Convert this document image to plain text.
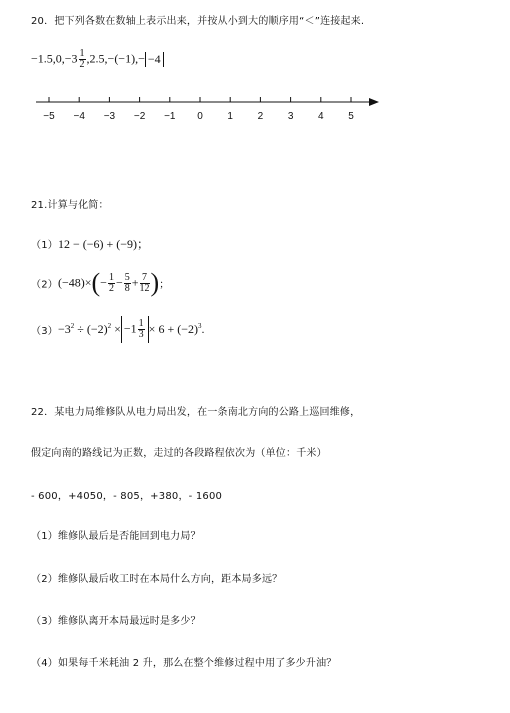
20．把下列各数在数轴上表示出来，并按从小到大的顺序用“＜”连接起来.
$-1.5,0,-3 \frac{1}{2} ,2.5,-(-1),- -4$
−5 −4 −3 −2 −1 0 1 2 3 4 5
21.计算与化简：
（1）12 − (−6) + (−9)；
$(2)(-48)\times(- \frac{1}{2} - \frac{5}{8} + \frac{7}{12}$ )；
$(3)-3^2 \div (-2)^2 \times -1 \frac{1}{3} \times 6 + (-2)^3$.
22．某电力局维修队从电力局出发，在一条南北方向的公路上巡回维修，
假定向南的路线记为正数，走过的各段路程依次为（单位：千米）
- 600，+4050，- 805，+380，- 1600
（1）维修队最后是否能回到电力局？
（2）维修队最后收工时在本局什么方向，距本局多远？
（3）维修队离开本局最远时是多少？
（4）如果每千米耗油 2 升，那么在整个维修过程中用了多少升油？
